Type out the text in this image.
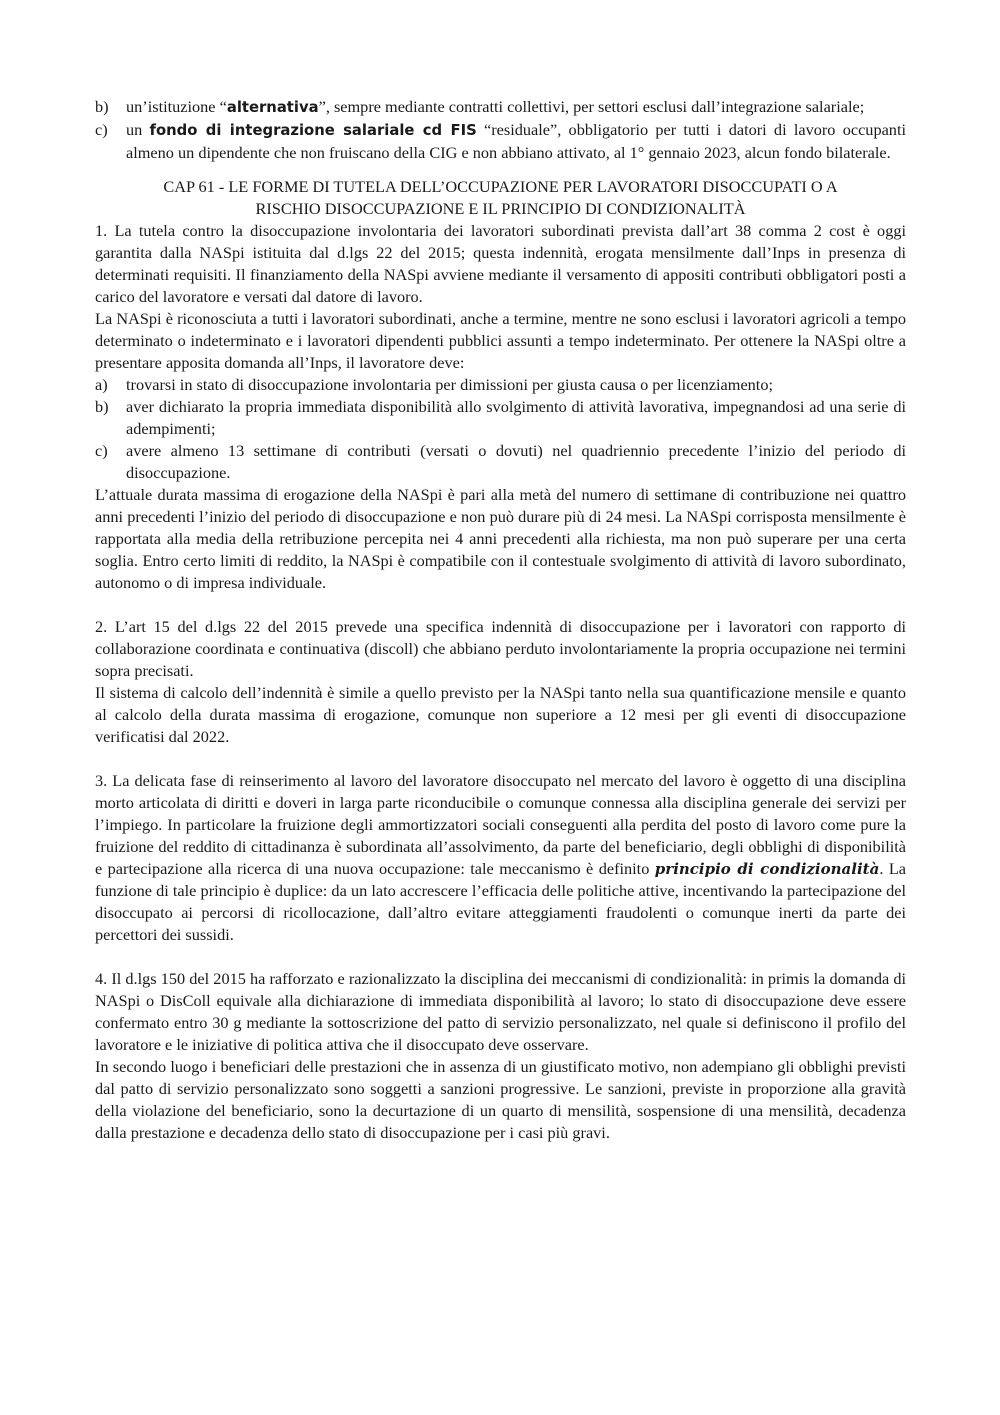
b) un’istituzione “alternativa”, sempre mediante contratti collettivi, per settori esclusi dall’integrazione salariale;
c) un fondo di integrazione salariale cd FIS “residuale”, obbligatorio per tutti i datori di lavoro occupanti almeno un dipendente che non fruiscano della CIG e non abbiano attivato, al 1° gennaio 2023, alcun fondo bilaterale.
CAP 61 - LE FORME DI TUTELA DELL’OCCUPAZIONE PER LAVORATORI DISOCCUPATI O A
RISCHIO DISOCCUPAZIONE E IL PRINCIPIO DI CONDIZIONALITÀ

1. La tutela contro la disoccupazione involontaria dei lavoratori subordinati prevista dall’art 38 comma 2 cost è oggi garantita dalla NASpi istituita dal d.lgs 22 del 2015; questa indennità, erogata mensilmente dall’Inps in presenza di determinati requisiti. Il finanziamento della NASpi avviene mediante il versamento di appositi contributi obbligatori posti a carico del lavoratore e versati dal datore di lavoro.

La NASpi è riconosciuta a tutti i lavoratori subordinati, anche a termine, mentre ne sono esclusi i lavoratori agricoli a tempo determinato o indeterminato e i lavoratori dipendenti pubblici assunti a tempo indeterminato. Per ottenere la NASpi oltre a presentare apposita domanda all’Inps, il lavoratore deve:

a) trovarsi in stato di disoccupazione involontaria per dimissioni per giusta causa o per licenziamento;
b) aver dichiarato la propria immediata disponibilità allo svolgimento di attività lavorativa, impegnandosi ad una serie di adempimenti;
c) avere almeno 13 settimane di contributi (versati o dovuti) nel quadriennio precedente l’inizio del periodo di disoccupazione.

L’attuale durata massima di erogazione della NASpi è pari alla metà del numero di settimane di contribuzione nei quattro anni precedenti l’inizio del periodo di disoccupazione e non può durare più di 24 mesi. La NASpi corrisposta mensilmente è rapportata alla media della retribuzione percepita nei 4 anni precedenti alla richiesta, ma non può superare per una certa soglia. Entro certo limiti di reddito, la NASpi è compatibile con il contestuale svolgimento di attività di lavoro subordinato, autonomo o di impresa individuale.

2. L’art 15 del d.lgs 22 del 2015 prevede una specifica indennità di disoccupazione per i lavoratori con rapporto di collaborazione coordinata e continuativa (discoll) che abbiano perduto involontariamente la propria occupazione nei termini sopra precisati.

Il sistema di calcolo dell’indennità è simile a quello previsto per la NASpi tanto nella sua quantificazione mensile e quanto al calcolo della durata massima di erogazione, comunque non superiore a 12 mesi per gli eventi di disoccupazione verificatisi dal 2022.

3. La delicata fase di reinserimento al lavoro del lavoratore disoccupato nel mercato del lavoro è oggetto di una disciplina morto articolata di diritti e doveri in larga parte riconducibile o comunque connessa alla disciplina generale dei servizi per l’impiego. In particolare la fruizione degli ammortizzatori sociali conseguenti alla perdita del posto di lavoro come pure la fruizione del reddito di cittadinanza è subordinata all’assolvimento, da parte del beneficiario, degli obblighi di disponibilità e partecipazione alla ricerca di una nuova occupazione: tale meccanismo è definito principio di condizionalità. La funzione di tale principio è duplice: da un lato accrescere l’efficacia delle politiche attive, incentivando la partecipazione del disoccupato ai percorsi di ricollocazione, dall’altro evitare atteggiamenti fraudolenti o comunque inerti da parte dei percettori dei sussidi.

4. Il d.lgs 150 del 2015 ha rafforzato e razionalizzato la disciplina dei meccanismi di condizionalità: in primis la domanda di NASpi o DisColl equivale alla dichiarazione di immediata disponibilità al lavoro; lo stato di disoccupazione deve essere confermato entro 30 g mediante la sottoscrizione del patto di servizio personalizzato, nel quale si definiscono il profilo del lavoratore e le iniziative di politica attiva che il disoccupato deve osservare.

In secondo luogo i beneficiari delle prestazioni che in assenza di un giustificato motivo, non adempiano gli obblighi previsti dal patto di servizio personalizzato sono soggetti a sanzioni progressive. Le sanzioni, previste in proporzione alla gravità della violazione del beneficiario, sono la decurtazione di un quarto di mensilità, sospensione di una mensilità, decadenza dalla prestazione e decadenza dello stato di disoccupazione per i casi più gravi.
